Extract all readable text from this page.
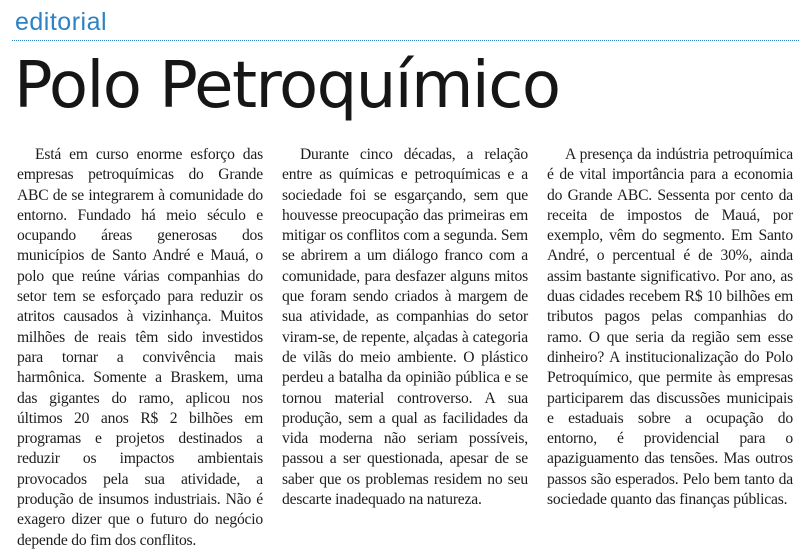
editorial
Polo Petroquímico

Está em curso enorme esforço das empresas petroquímicas do Grande ABC de se integrarem à comunidade do entorno. Fundado há meio século e ocupando áreas generosas dos municípios de Santo André e Mauá, o polo que reúne várias companhias do setor tem se esforçado para reduzir os atritos causados à vizinhança. Muitos milhões de reais têm sido investidos para tornar a convivência mais harmônica. Somente a Braskem, uma das gigantes do ramo, aplicou nos últimos 20 anos R$ 2 bilhões em programas e projetos destinados a reduzir os impactos ambientais provocados pela sua atividade, a produção de insumos industriais. Não é exagero dizer que o futuro do negócio depende do fim dos conflitos.

Durante cinco décadas, a relação entre as químicas e petroquímicas e a sociedade foi se esgarçando, sem que houvesse preocupação das primeiras em mitigar os conflitos com a segunda. Sem se abrirem a um diálogo franco com a comunidade, para desfazer alguns mitos que foram sendo criados à margem de sua atividade, as companhias do setor viram-se, de repente, alçadas à categoria de vilãs do meio ambiente. O plástico perdeu a batalha da opinião pública e se tornou material controverso. A sua produção, sem a qual as facilidades da vida moderna não seriam possíveis, passou a ser questionada, apesar de se saber que os problemas residem no seu descarte inadequado na natureza.

A presença da indústria petroquímica é de vital importância para a economia do Grande ABC. Sessenta por cento da receita de impostos de Mauá, por exemplo, vêm do segmento. Em Santo André, o percentual é de 30%, ainda assim bastante significativo. Por ano, as duas cidades recebem R$ 10 bilhões em tributos pagos pelas companhias do ramo. O que seria da região sem esse dinheiro? A institucionalização do Polo Petroquímico, que permite às empresas participarem das discussões municipais e estaduais sobre a ocupação do entorno, é providencial para o apaziguamento das tensões. Mas outros passos são esperados. Pelo bem tanto da sociedade quanto das finanças públicas.
